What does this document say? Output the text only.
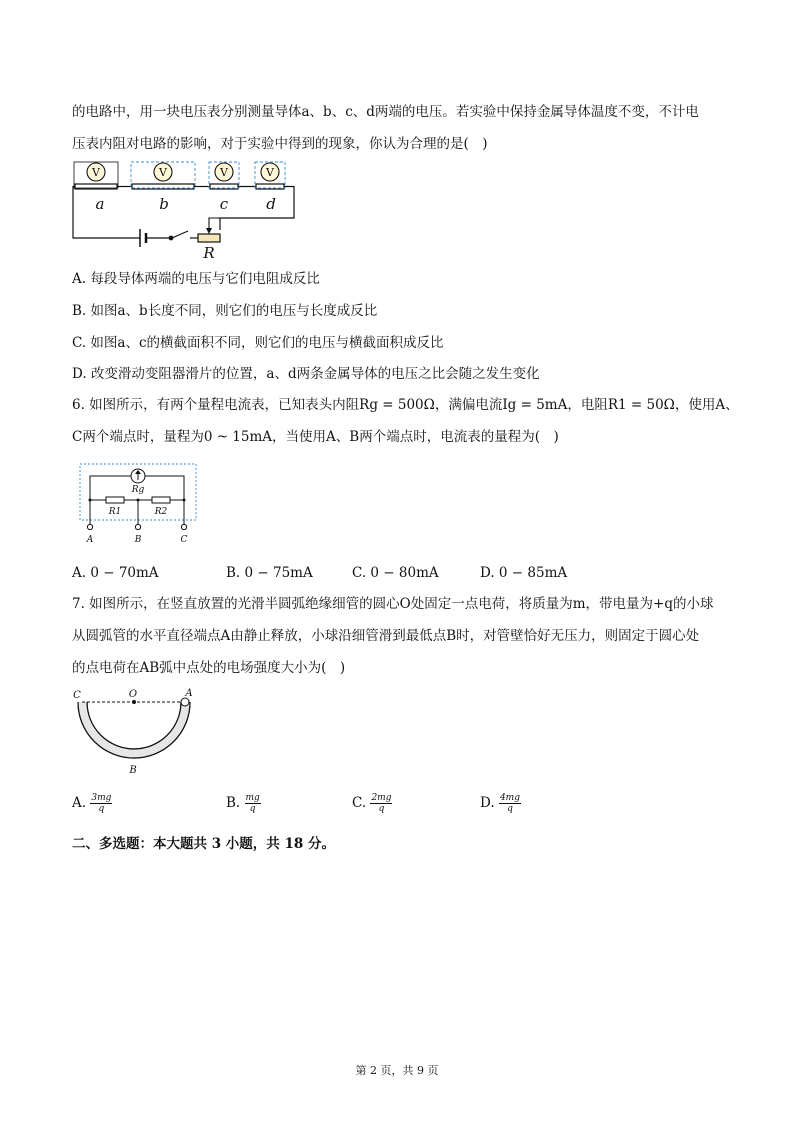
的电路中，用一块电压表分别测量导体a、b、c、d两端的电压。若实验中保持金属导体温度不变，不计电
压表内阻对电路的影响，对于实验中得到的现象，你认为合理的是(　)
V	V	V	V
a	b	c	d
R
A. 每段导体两端的电压与它们电阻成反比
B. 如图a、b长度不同，则它们的电压与长度成反比
C. 如图a、c的横截面积不同，则它们的电压与横截面积成反比
D. 改变滑动变阻器滑片的位置，a、d两条金属导体的电压之比会随之发生变化
6. 如图所示，有两个量程电流表，已知表头内阻Rg = 500Ω，满偏电流Ig = 5mA，电阻R1 = 50Ω，使用A、
C两个端点时，量程为0 ~ 15mA，当使用A、B两个端点时，电流表的量程为(　)
Rg
R1	R2
A	B	C
A. 0 − 70mA	B. 0 − 75mA	C. 0 − 80mA	D. 0 − 85mA
7. 如图所示，在竖直放置的光滑半圆弧绝缘细管的圆心O处固定一点电荷，将质量为m，带电量为+q的小球
从圆弧管的水平直径端点A由静止释放，小球沿细管滑到最低点B时，对管壁恰好无压力，则固定于圆心处
的点电荷在AB弧中点处的电场强度大小为(　)
C	O	A
B
A. $\frac{3mg}{q}$	B. $\frac{mg}{q}$	C. $\frac{2mg}{q}$	D. $\frac{4mg}{q}$
二、多选题：本大题共 3 小题，共 18 分。
第 2 页，共 9 页
